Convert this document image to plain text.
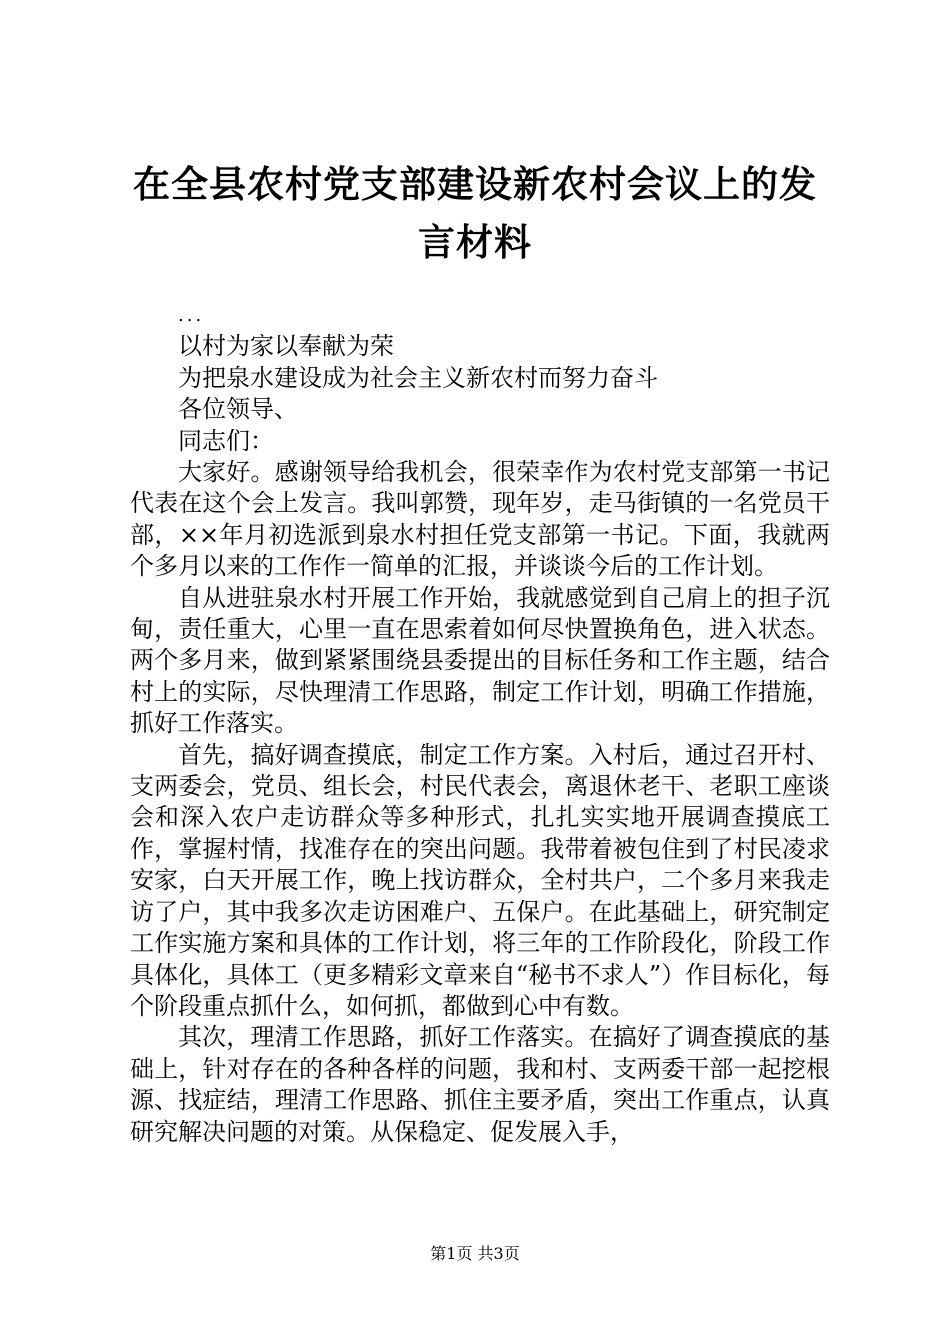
在全县农村党支部建设新农村会议上的发言材料

...

以村为家以奉献为荣

为把泉水建设成为社会主义新农村而努力奋斗

各位领导、

同志们：

大家好。感谢领导给我机会，很荣幸作为农村党支部第一书记代表在这个会上发言。我叫郭赞，现年岁，走马街镇的一名党员干部，××年月初选派到泉水村担任党支部第一书记。下面，我就两个多月以来的工作作一简单的汇报，并谈谈今后的工作计划。

自从进驻泉水村开展工作开始，我就感觉到自己肩上的担子沉甸，责任重大，心里一直在思索着如何尽快置换角色，进入状态。两个多月来，做到紧紧围绕县委提出的目标任务和工作主题，结合村上的实际，尽快理清工作思路，制定工作计划，明确工作措施，抓好工作落实。

首先，搞好调查摸底，制定工作方案。入村后，通过召开村、支两委会，党员、组长会，村民代表会，离退休老干、老职工座谈会和深入农户走访群众等多种形式，扎扎实实地开展调查摸底工作，掌握村情，找准存在的突出问题。我带着被包住到了村民凌求安家，白天开展工作，晚上找访群众，全村共户，二个多月来我走访了户，其中我多次走访困难户、五保户。在此基础上，研究制定工作实施方案和具体的工作计划，将三年的工作阶段化，阶段工作具体化，具体工（更多精彩文章来自“秘书不求人”）作目标化，每个阶段重点抓什么，如何抓，都做到心中有数。

其次，理清工作思路，抓好工作落实。在搞好了调查摸底的基础上，针对存在的各种各样的问题，我和村、支两委干部一起挖根源、找症结，理清工作思路、抓住主要矛盾，突出工作重点，认真研究解决问题的对策。从保稳定、促发展入手，

第1页 共3页
